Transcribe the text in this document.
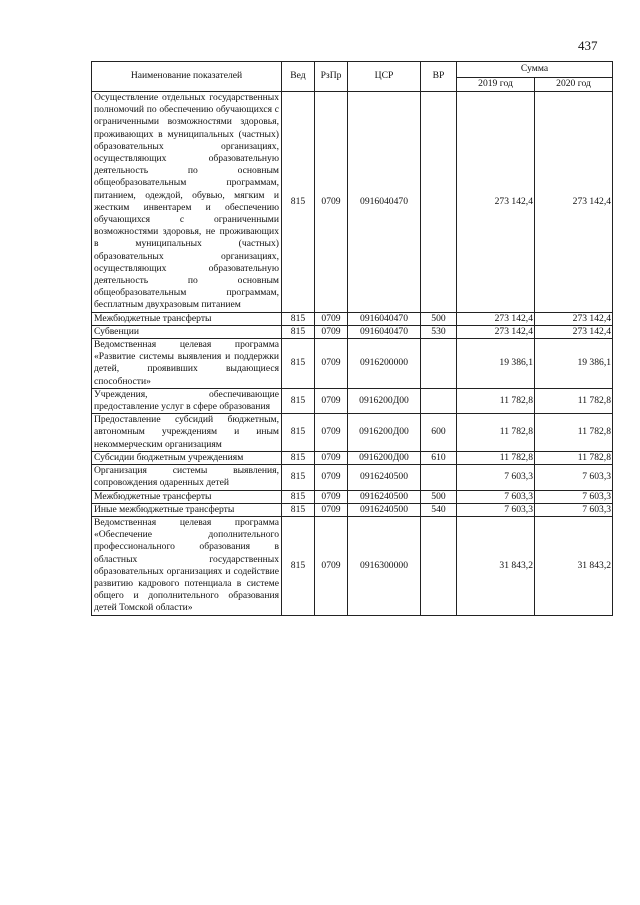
437
Наименование показателей	Вед	РзПр	ЦСР	ВР	Сумма	
					2019 год	2020 год
Осуществление отдельных государственных полномочий по обеспечению обучающихся с ограниченными возможностями здоровья, проживающих в муниципальных (частных) образовательных организациях, осуществляющих образовательную деятельность по основным общеобразовательным программам, питанием, одеждой, обувью, мягким и жестким инвентарем и обеспечению обучающихся с ограниченными возможностями здоровья, не проживающих в муниципальных (частных) образовательных организациях, осуществляющих образовательную деятельность по основным общеобразовательным программам, бесплатным двухразовым питанием	815	0709	0916040470		273 142,4	273 142,4
Межбюджетные трансферты	815	0709	0916040470	500	273 142,4	273 142,4
Субвенции	815	0709	0916040470	530	273 142,4	273 142,4
Ведомственная целевая программа «Развитие системы выявления и поддержки детей, проявивших выдающиеся способности»	815	0709	0916200000		19 386,1	19 386,1
Учреждения, обеспечивающие предоставление услуг в сфере образования	815	0709	0916200Д00		11 782,8	11 782,8
Предоставление субсидий бюджетным, автономным учреждениям и иным некоммерческим организациям	815	0709	0916200Д00	600	11 782,8	11 782,8
Субсидии бюджетным учреждениям	815	0709	0916200Д00	610	11 782,8	11 782,8
Организация системы выявления, сопровождения одаренных детей	815	0709	0916240500		7 603,3	7 603,3
Межбюджетные трансферты	815	0709	0916240500	500	7 603,3	7 603,3
Иные межбюджетные трансферты	815	0709	0916240500	540	7 603,3	7 603,3
Ведомственная целевая программа «Обеспечение дополнительного профессионального образования в областных государственных образовательных организациях и содействие развитию кадрового потенциала в системе общего и дополнительного образования детей Томской области»	815	0709	0916300000		31 843,2	31 843,2
